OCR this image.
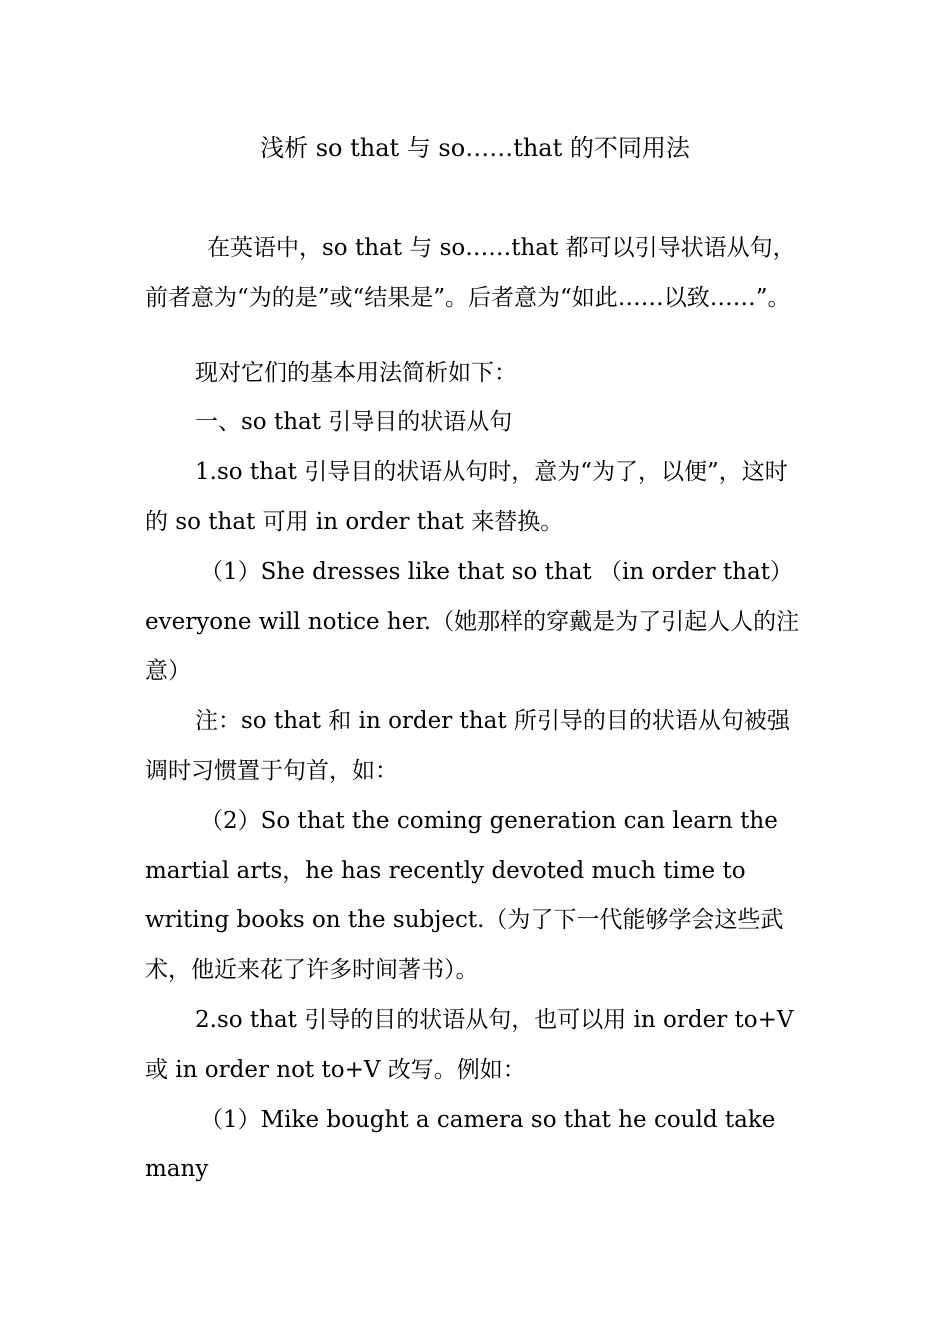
浅析 so that 与 so……that 的不同用法

在英语中，so that 与 so……that 都可以引导状语从句，前者意为“为的是”或“结果是”。后者意为“如此……以致……”。

现对它们的基本用法简析如下：

一、so that 引导目的状语从句

1.so that 引导目的状语从句时，意为“为了，以便”，这时的 so that 可用 in order that 来替换。

（1）She dresses like that so that （in order that） everyone will notice her.（她那样的穿戴是为了引起人人的注意）

注：so that 和 in order that 所引导的目的状语从句被强调时习惯置于句首，如：

（2）So that the coming generation can learn the martial arts，he has recently devoted much time to writing books on the subject.（为了下一代能够学会这些武术，他近来花了许多时间著书）。

2.so that 引导的目的状语从句，也可以用 in order to+V 或 in order not to+V 改写。例如：

（1）Mike bought a camera so that he could take many
